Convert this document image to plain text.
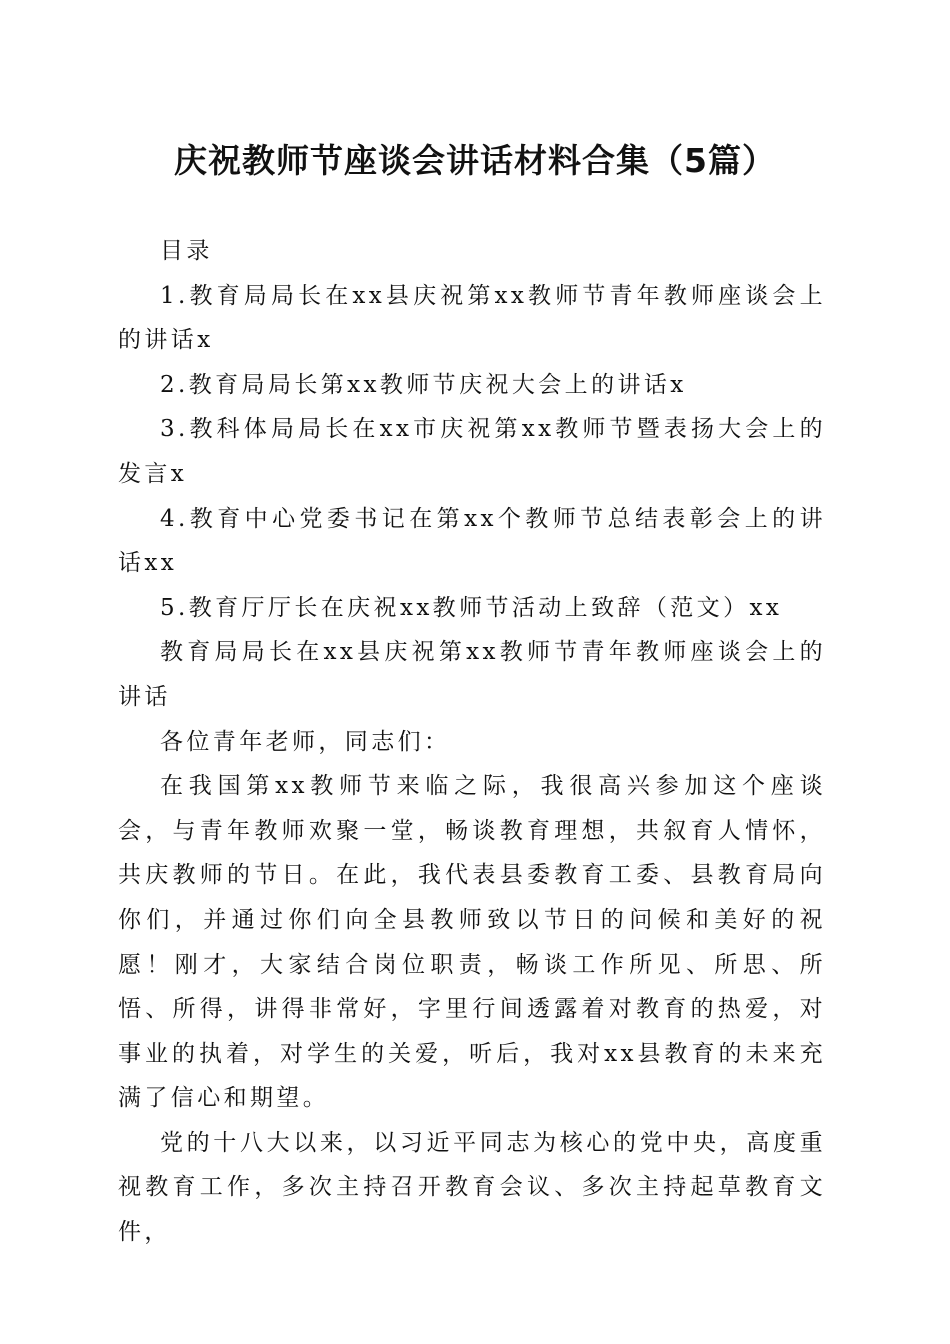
庆祝教师节座谈会讲话材料合集（5篇）

目录

1.教育局局长在xx县庆祝第xx教师节青年教师座谈会上的讲话x

2.教育局局长第xx教师节庆祝大会上的讲话x

3.教科体局局长在xx市庆祝第xx教师节暨表扬大会上的发言x

4.教育中心党委书记在第xx个教师节总结表彰会上的讲话xx

5.教育厅厅长在庆祝xx教师节活动上致辞（范文）xx

教育局局长在xx县庆祝第xx教师节青年教师座谈会上的讲话

各位青年老师，同志们：

在我国第xx教师节来临之际，我很高兴参加这个座谈会，与青年教师欢聚一堂，畅谈教育理想，共叙育人情怀，共庆教师的节日。在此，我代表县委教育工委、县教育局向你们，并通过你们向全县教师致以节日的问候和美好的祝愿！刚才，大家结合岗位职责，畅谈工作所见、所思、所悟、所得，讲得非常好，字里行间透露着对教育的热爱，对事业的执着，对学生的关爱，听后，我对xx县教育的未来充满了信心和期望。

党的十八大以来，以习近平同志为核心的党中央，高度重视教育工作，多次主持召开教育会议、多次主持起草教育文件，
